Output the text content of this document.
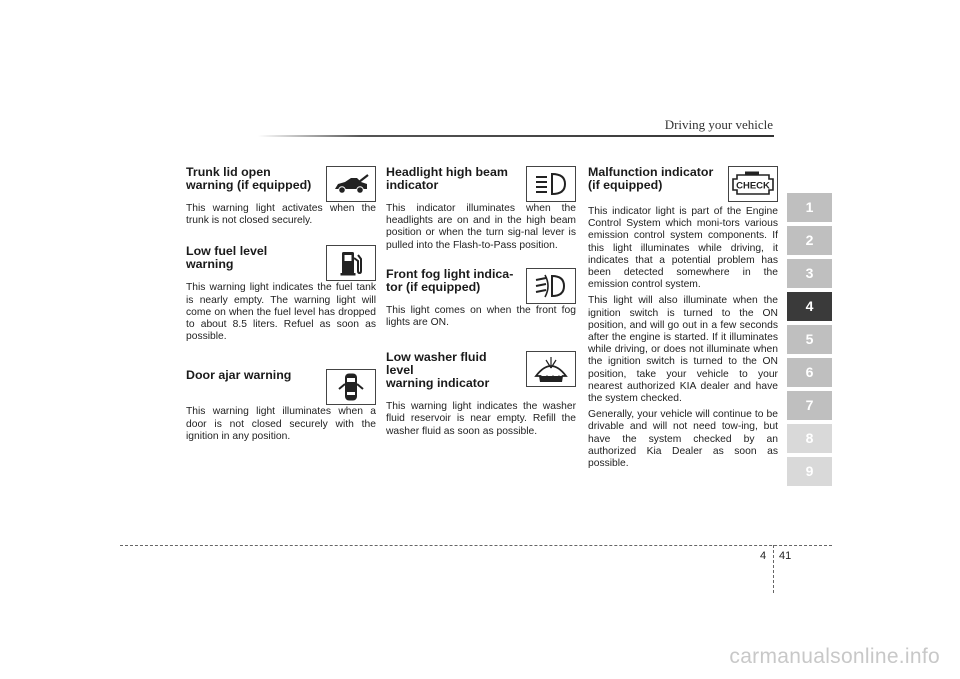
Driving your vehicle
Trunk lid open
warning (if equipped)

This warning light activates when the trunk is not closed securely.

Low fuel level
warning

This warning light indicates the fuel tank is nearly empty. The warning light will come on when the fuel level has dropped to about 8.5 liters. Refuel as soon as possible.

Door ajar warning

This warning light illuminates when a door is not closed securely with the ignition in any position.

Headlight high beam
indicator

This indicator illuminates when the headlights are on and in the high beam position or when the turn sig-nal lever is pulled into the Flash-to-Pass position.

Front fog light indica-
tor (if equipped)

This light comes on when the front fog lights are ON.

Low washer fluid level
warning indicator

This warning light indicates the washer fluid reservoir is near empty. Refill the washer fluid as soon as possible.

Malfunction indicator
(if equipped)	CHECK

This indicator light is part of the Engine Control System which moni-tors various emission control system components. If this light illuminates while driving, it indicates that a potential problem has been detected somewhere in the emission control system.

This light will also illuminate when the ignition switch is turned to the ON position, and will go out in a few seconds after the engine is started. If it illuminates while driving, or does not illuminate when the ignition switch is turned to the ON position, take your vehicle to your nearest authorized KIA dealer and have the system checked.

Generally, your vehicle will continue to be drivable and will not need tow-ing, but have the system checked by an authorized Kia Dealer as soon as possible.

1
2
3
4
5
6
7
8
9
4 41
carmanualsonline.info
